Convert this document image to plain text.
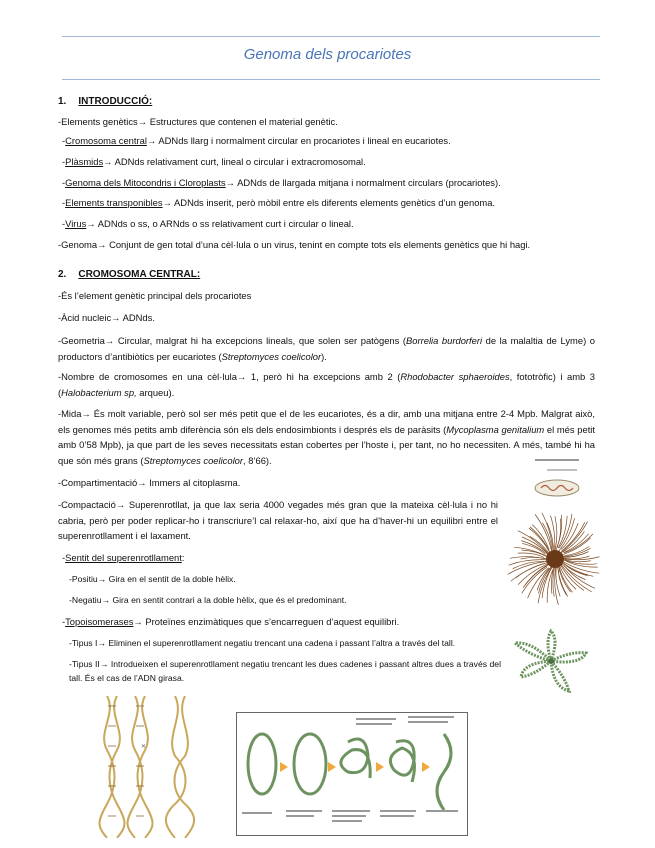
Genoma dels procariotes
1. INTRODUCCIÓ:
-Elements genètics→ Estructures que contenen el material genètic.
-Cromosoma central→ ADNds llarg i normalment circular en procariotes i lineal en eucariotes.
-Plàsmids→ ADNds relativament curt, lineal o circular i extracromosomal.
-Genoma dels Mitocondris i Cloroplasts→ ADNds de llargada mitjana i normalment circulars (procariotes).
-Elements transponibles→ ADNds inserit, però mòbil entre els diferents elements genètics d’un genoma.
-Virus→ ADNds o ss, o ARNds o ss relativament curt i circular o lineal.
-Genoma→ Conjunt de gen total d’una cèl·lula o un virus, tenint en compte tots els elements genètics que hi hagi.
2. CROMOSOMA CENTRAL:
-És l’element genètic principal dels procariotes
-Àcid nucleic→ ADNds.
-Geometria→ Circular, malgrat hi ha excepcions lineals, que solen ser patògens (Borrelia burdorferi de la malaltia de Lyme) o productors d’antibiòtics per eucariotes (Streptomyces coelicolor).
-Nombre de cromosomes en una cèl·lula→ 1, però hi ha excepcions amb 2 (Rhodobacter sphaeroides, fototròfic) i amb 3 (Halobacterium sp, arqueu).
-Mida→ És molt variable, però sol ser més petit que el de les eucariotes, és a dir, amb una mitjana entre 2-4 Mpb. Malgrat això, els genomes més petits amb diferència són els dels endosimbionts i després els de paràsits (Mycoplasma genitalium el més petit amb 0’58 Mpb), ja que part de les seves necessitats estan cobertes per l’hoste i, per tant, no ho necessiten. A més, també hi ha que són més grans (Streptomyces coelicolor, 8’66).
-Compartimentació→ Immers al citoplasma.
-Compactació→ Superenrotllat, ja que lax seria 4000 vegades més gran que la mateixa cèl·lula i no hi cabria, però per poder replicar-ho i transcriure’l cal relaxar-ho, així que ha d’haver-hi un equilibri entre el superenrotllament i el laxament.
-Sentit del superenrotllament:
-Positiu→ Gira en el sentit de la doble hèlix.
-Negatiu→ Gira en sentit contrari a la doble hèlix, que és el predominant.
-Topoisomerases→ Proteïnes enzimàtiques que s’encarreguen d’aquest equilibri.
-Tipus I→ Eliminen el superenrotllament negatiu trencant una cadena i passant l’altra a través del tall.
-Tipus II→ Introdueixen el superenrotllament negatiu trencant les dues cadenes i passant altres dues a través del tall. És el cas de l’ADN girasa.
✕
